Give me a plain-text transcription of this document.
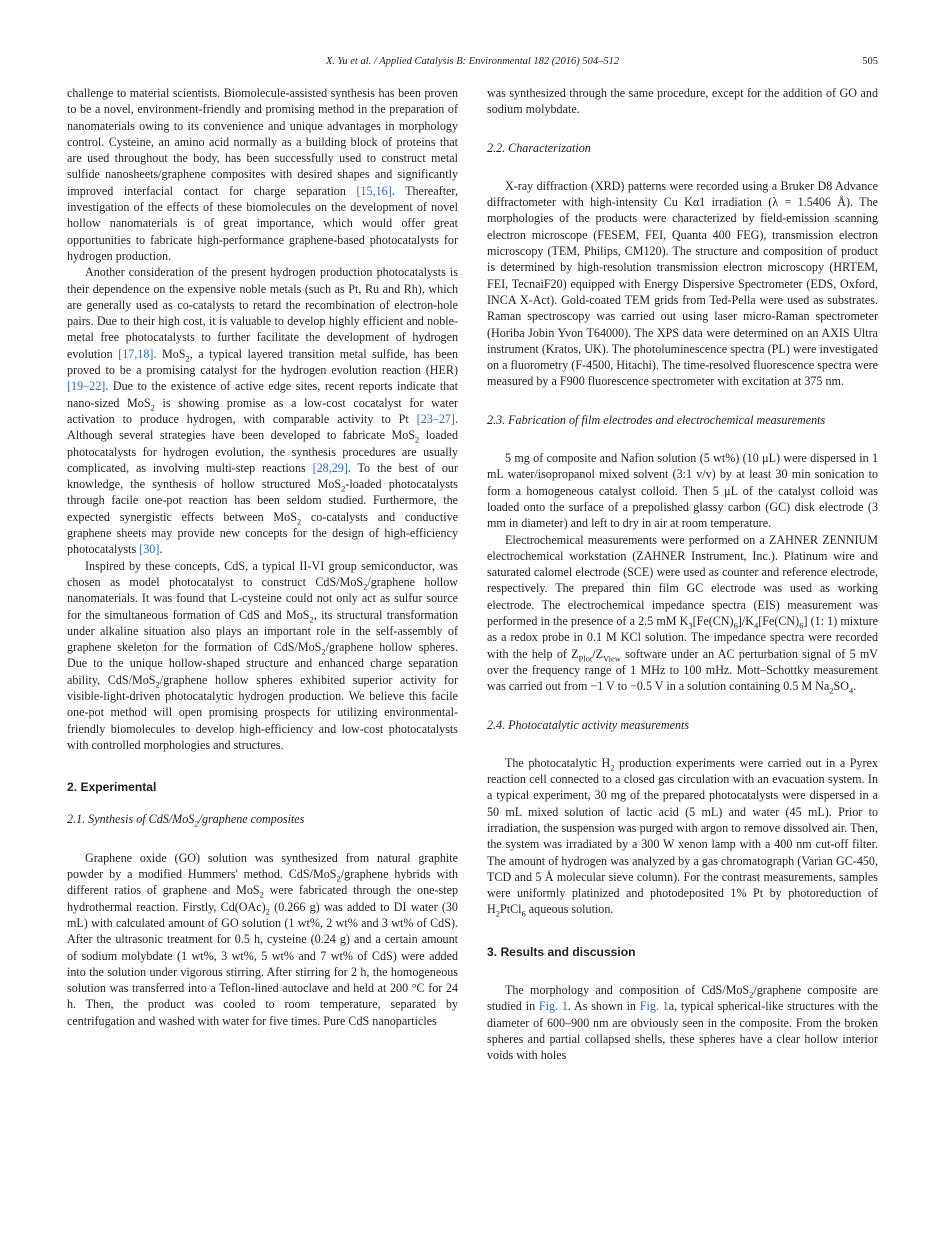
X. Yu et al. / Applied Catalysis B: Environmental 182 (2016) 504–512	505

challenge to material scientists. Biomolecule-assisted synthesis has been proven to be a novel, environment-friendly and promising method in the preparation of nanomaterials owing to its convenience and unique advantages in morphology control. Cysteine, an amino acid normally as a building block of proteins that are used throughout the body, has been successfully used to construct metal sulfide nanosheets/graphene composites with desired shapes and significantly improved interfacial contact for charge separation [15,16]. Thereafter, investigation of the effects of these biomolecules on the development of novel hollow nanomaterials is of great importance, which would offer great opportunities to fabricate high-performance graphene-based photocatalysts for hydrogen production.

Another consideration of the present hydrogen production photocatalysts is their dependence on the expensive noble metals (such as Pt, Ru and Rh), which are generally used as co-catalysts to retard the recombination of electron-hole pairs. Due to their high cost, it is valuable to develop highly efficient and noble-metal free photocatalysts to further facilitate the development of hydrogen evolution [17,18]. MoS$_2$, a typical layered transition metal sulfide, has been proved to be a promising catalyst for the hydrogen evolution reaction (HER) [19–22]. Due to the existence of active edge sites, recent reports indicate that nano-sized MoS$_2$ is showing promise as a low-cost cocatalyst for water activation to produce hydrogen, with comparable activity to Pt [23–27]. Although several strategies have been developed to fabricate MoS$_2$ loaded photocatalysts for hydrogen evolution, the synthesis procedures are usually complicated, as involving multi-step reactions [28,29]. To the best of our knowledge, the synthesis of hollow structured MoS$_2$-loaded photocatalysts through facile one-pot reaction has been seldom studied. Furthermore, the expected synergistic effects between MoS$_2$ co-catalysts and conductive graphene sheets may provide new concepts for the design of high-efficiency photocatalysts [30].

Inspired by these concepts, CdS, a typical II-VI group semiconductor, was chosen as model photocatalyst to construct CdS/MoS$_2$/graphene hollow nanomaterials. It was found that L-cysteine could not only act as sulfur source for the simultaneous formation of CdS and MoS$_2$, its structural transformation under alkaline situation also plays an important role in the self-assembly of graphene skeleton for the formation of CdS/MoS$_2$/graphene hollow spheres. Due to the unique hollow-shaped structure and enhanced charge separation ability, CdS/MoS$_2$/graphene hollow spheres exhibited superior activity for visible-light-driven photocatalytic hydrogen production. We believe this facile one-pot method will open promising prospects for utilizing environmental-friendly biomolecules to develop high-efficiency and low-cost photocatalysts with controlled morphologies and structures.

2. Experimental
2.1. Synthesis of CdS/MoS$_2$/graphene composites

Graphene oxide (GO) solution was synthesized from natural graphite powder by a modified Hummers' method. CdS/MoS$_2$/graphene hybrids with different ratios of graphene and MoS$_2$ were fabricated through the one-step hydrothermal reaction. Firstly, $Cd(OAc)_2$ (0.266 g) was added to DI water (30 mL) with calculated amount of GO solution (1 wt%, 2 wt% and 3 wt% of CdS). After the ultrasonic treatment for 0.5 h, cysteine (0.24 g) and a certain amount of sodium molybdate (1 wt%, 3 wt%, 5 wt% and 7 wt% of CdS) were added into the solution under vigorous stirring. After stirring for 2 h, the homogeneous solution was transferred into a Teflon-lined autoclave and held at 200 °C for 24 h. Then, the product was cooled to room temperature, separated by centrifugation and washed with water for five times. Pure CdS nanoparticles

was synthesized through the same procedure, except for the addition of GO and sodium molybdate.

2.2. Characterization

X-ray diffraction (XRD) patterns were recorded using a Bruker D8 Advance diffractometer with high-intensity Cu Kα1 irradiation (λ = 1.5406 Å). The morphologies of the products were characterized by field-emission scanning electron microscope (FESEM, FEI, Quanta 400 FEG), transmission electron microscopy (TEM, Philips, CM120). The structure and composition of product is determined by high-resolution transmission electron microscopy (HRTEM, FEI, TecnaiF20) equipped with Energy Dispersive Spectrometer (EDS, Oxford, INCA X-Act). Gold-coated TEM grids from Ted-Pella were used as substrates. Raman spectroscopy was carried out using laser micro-Raman spectrometer (Horiba Jobin Yvon T64000). The XPS data were determined on an AXIS Ultra instrument (Kratos, UK). The photoluminescence spectra (PL) were investigated on a fluorometry (F-4500, Hitachi). The time-resolved fluorescence spectra were measured by a F900 fluorescence spectrometer with excitation at 375 nm.

2.3. Fabrication of film electrodes and electrochemical measurements

5 mg of composite and Nafion solution (5 wt%) (10 μL) were dispersed in 1 mL water/isopropanol mixed solvent (3:1 v/v) by at least 30 min sonication to form a homogeneous catalyst colloid. Then 5 μL of the catalyst colloid was loaded onto the surface of a prepolished glassy carbon (GC) disk electrode (3 mm in diameter) and left to dry in air at room temperature.

Electrochemical measurements were performed on a ZAHNER ZENNIUM electrochemical workstation (ZAHNER Instrument, Inc.). Platinum wire and saturated calomel electrode (SCE) were used as counter and reference electrode, respectively. The prepared thin film GC electrode was used as working electrode. The electrochemical impedance spectra (EIS) measurement was performed in the presence of a 2.5 mM $K_3[Fe(CN)_6]/K_4[Fe(CN)_6]$ (1: 1) mixture as a redox probe in 0.1 M KCl solution. The impedance spectra were recorded with the help of $Z_{Plot}/Z_{View}$ software under an AC perturbation signal of 5 mV over the frequency range of 1 MHz to 100 mHz. Mott–Schottky measurement was carried out from −1 V to −0.5 V in a solution containing 0.5 M $Na_2SO_4$.

2.4. Photocatalytic activity measurements

The photocatalytic $H_2$ production experiments were carried out in a Pyrex reaction cell connected to a closed gas circulation with an evacuation system. In a typical experiment, 30 mg of the prepared photocatalysts were dispersed in a 50 mL mixed solution of lactic acid (5 mL) and water (45 mL). Prior to irradiation, the suspension was purged with argon to remove dissolved air. Then, the system was irradiated by a 300 W xenon lamp with a 400 nm cut-off filter. The amount of hydrogen was analyzed by a gas chromatograph (Varian GC-450, TCD and 5 Å molecular sieve column). For the contrast measurements, samples were uniformly platinized and photodeposited 1% Pt by photoreduction of $H_2PtCl_6$ aqueous solution.

3. Results and discussion

The morphology and composition of CdS/MoS$_2$/graphene composite are studied in Fig. 1. As shown in Fig. 1a, typical spherical-like structures with the diameter of 600–900 nm are obviously seen in the composite. From the broken spheres and partial collapsed shells, these spheres have a clear hollow interior voids with holes
